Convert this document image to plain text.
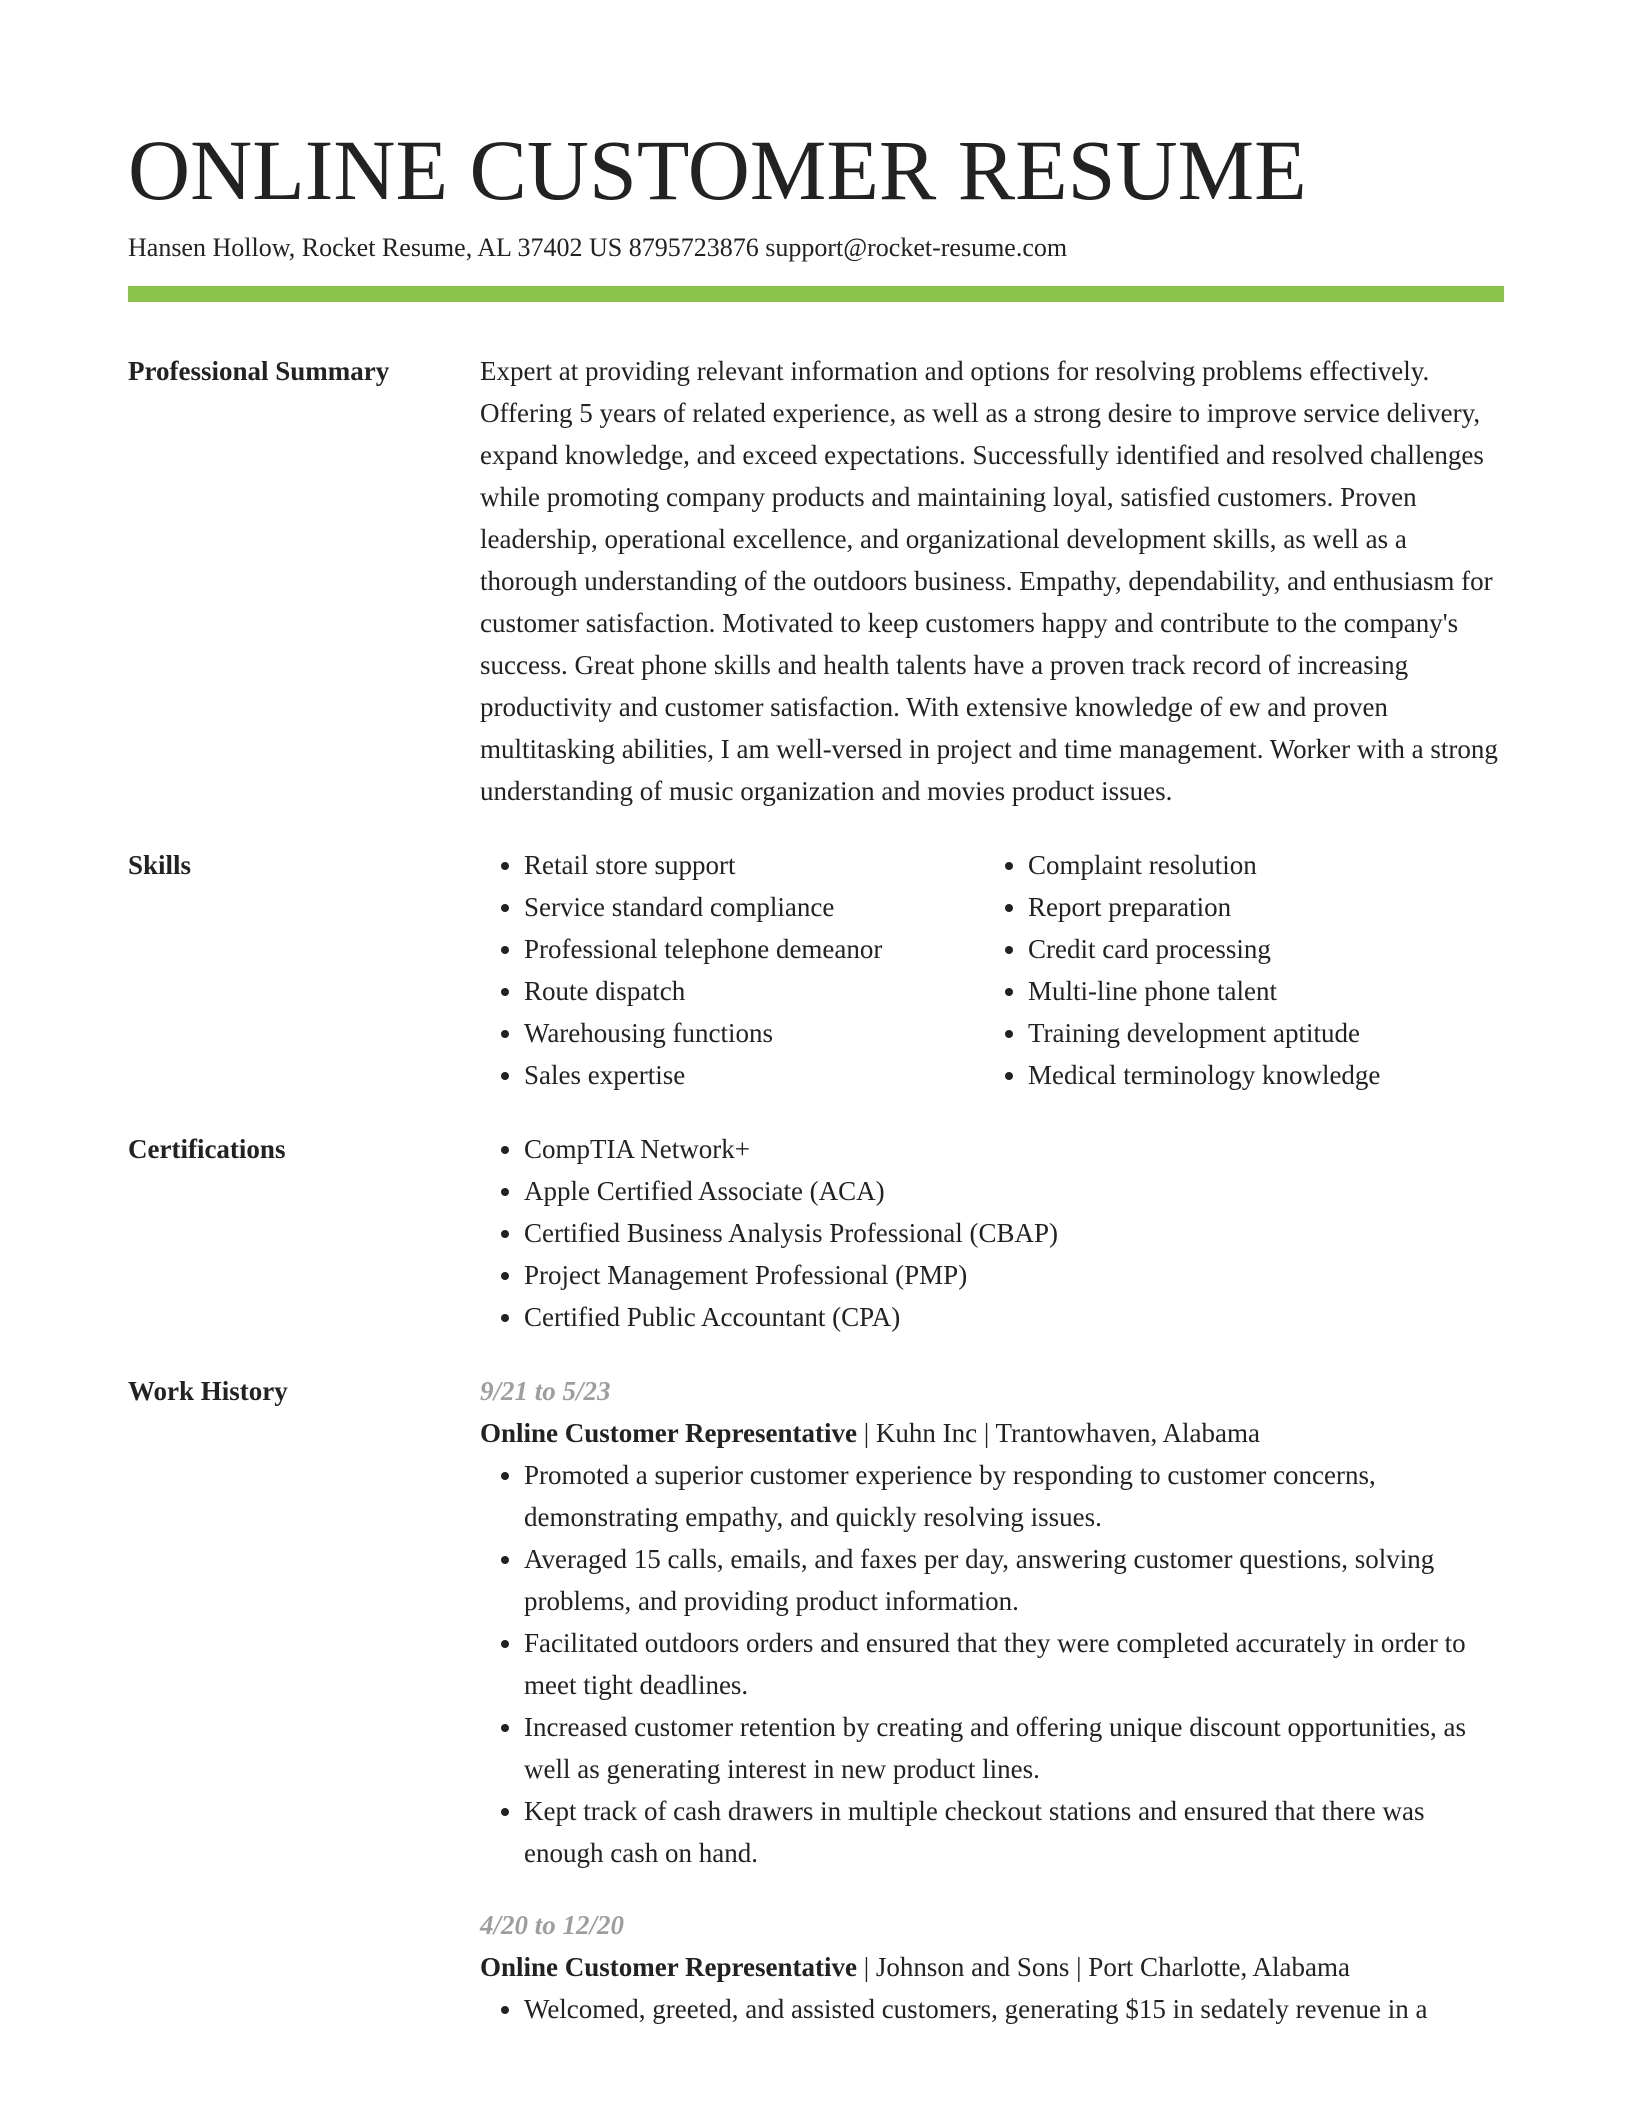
ONLINE CUSTOMER RESUME
Hansen Hollow, Rocket Resume, AL 37402 US 8795723876 support@rocket-resume.com
Professional Summary	Expert at providing relevant information and options for resolving problems effectively. Offering 5 years of related experience, as well as a strong desire to improve service delivery, expand knowledge, and exceed expectations. Successfully identified and resolved challenges while promoting company products and maintaining loyal, satisfied customers. Proven leadership, operational excellence, and organizational development skills, as well as a thorough understanding of the outdoors business. Empathy, dependability, and enthusiasm for customer satisfaction. Motivated to keep customers happy and contribute to the company's success. Great phone skills and health talents have a proven track record of increasing productivity and customer satisfaction. With extensive knowledge of ew and proven multitasking abilities, I am well-versed in project and time management. Worker with a strong understanding of music organization and movies product issues.

Skills	• Retail store support
• Service standard compliance
• Professional telephone demeanor
• Route dispatch
• Warehousing functions
• Sales expertise
• Complaint resolution
• Report preparation
• Credit card processing
• Multi-line phone talent
• Training development aptitude
• Medical terminology knowledge
Certifications	• CompTIA Network+
• Apple Certified Associate (ACA)
• Certified Business Analysis Professional (CBAP)
• Project Management Professional (PMP)
• Certified Public Accountant (CPA)
Work History	9/21 to 5/23
Online Customer Representative | Kuhn Inc | Trantowhaven, Alabama
• Promoted a superior customer experience by responding to customer concerns, demonstrating empathy, and quickly resolving issues.
• Averaged 15 calls, emails, and faxes per day, answering customer questions, solving problems, and providing product information.
• Facilitated outdoors orders and ensured that they were completed accurately in order to meet tight deadlines.
• Increased customer retention by creating and offering unique discount opportunities, as well as generating interest in new product lines.
• Kept track of cash drawers in multiple checkout stations and ensured that there was enough cash on hand.
4/20 to 12/20
Online Customer Representative | Johnson and Sons | Port Charlotte, Alabama
• Welcomed, greeted, and assisted customers, generating $15 in sedately revenue in a
